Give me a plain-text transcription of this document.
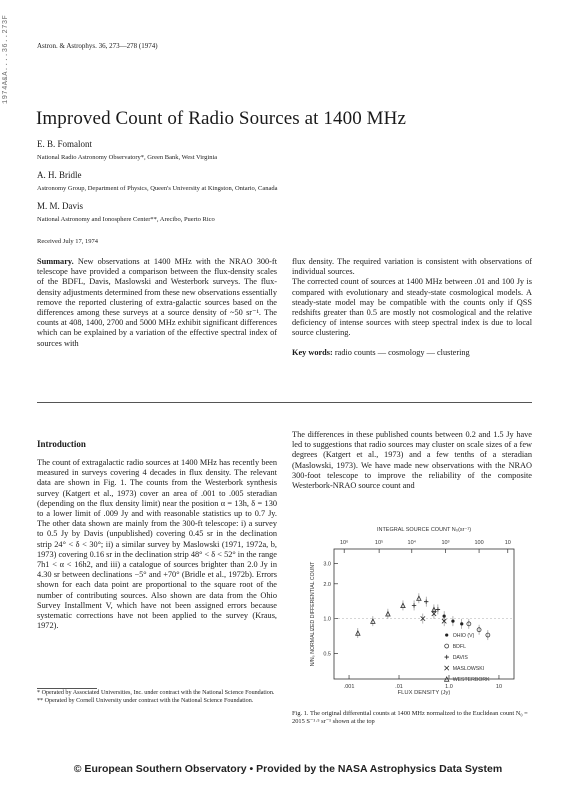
1974A&A....36..273F	Astron. & Astrophys. 36, 273—278 (1974)
Improved Count of Radio Sources at 1400 MHz
E. B. Fomalont
National Radio Astronomy Observatory*, Green Bank, West Virginia
A. H. Bridle
Astronomy Group, Department of Physics, Queen's University at Kingston, Ontario, Canada
M. M. Davis
National Astronomy and Ionosphere Center**, Arecibo, Puerto Rico
Received July 17, 1974

Summary. New observations at 1400 MHz with the NRAO 300-ft telescope have provided a comparison between the flux-density scales of the BDFL, Davis, Maslowski and Westerbork surveys. The flux-density adjustments determined from these new observations essentially remove the reported clustering of extra-galactic sources based on the differences among these surveys at a source density of ~50 sr⁻¹. The counts at 408, 1400, 2700 and 5000 MHz exhibit significant differences which can be explained by a variation of the effective spectral index of sources with

flux density. The required variation is consistent with observations of individual sources.

The corrected count of sources at 1400 MHz between .01 and 100 Jy is compared with evolutionary and steady-state cosmological models. A steady-state model may be compatible with the counts only if QSS redshifts greater than 0.5 are mostly not cosmological and the relative deficiency of intense sources with steep spectral index is due to local source clustering.

Key words: radio counts — cosmology — clustering

Introduction

The count of extragalactic radio sources at 1400 MHz has recently been measured in surveys covering 4 decades in flux density. The relevant data are shown in Fig. 1. The counts from the Westerbork synthesis survey (Katgert et al., 1973) cover an area of .001 to .005 steradian (depending on the flux density limit) near the position α = 13h, δ = 130 to a lower limit of .009 Jy and with reasonable statistics up to 0.7 Jy. The other data shown are mainly from the 300-ft telescope: i) a survey to 0.5 Jy by Davis (unpublished) covering 0.45 sr in the declination strip 24° < δ < 30°; ii) a similar survey by Maslowski (1971, 1972a, b, 1973) covering 0.16 sr in the declination strip 48° < δ < 52° in the range 7h1 < α < 16h2, and iii) a catalogue of sources brighter than 2.0 Jy in 4.30 sr between declinations −5° and +70° (Bridle et al., 1972b). Errors shown for each data point are proportional to the square root of the number of contributing sources. Also shown are data from the Ohio Survey Installment V, which have not been assigned errors because systematic corrections have not been applied to the survey (Kraus, 1972).

* Operated by Associated Universities, Inc. under contract with the National Science Foundation.
** Operated by Cornell University under contract with the National Science Foundation.

The differences in these published counts between 0.2 and 1.5 Jy have led to suggestions that radio sources may cluster on scale sizes of a few degrees (Katgert et al., 1973) and a few tenths of a steradian (Maslowski, 1973). We have made new observations with the NRAO 300-foot telescope to improve the reliability of the composite Westerbork-NRAO source count and

INTEGRAL SOURCE COUNT N₀(sr⁻¹)
10⁶	10⁵	10⁴	10³	100	10
.001	.01	1.0	10
3.0
2.0
1.0
0.5
FLUX DENSITY (Jy)
N/N₀ NORMALIZED DIFFERENTIAL COUNT	OHIO (V)
BDFL
DAVIS
MASLOWSKI
WESTERBORK
Fig. 1. The original differential counts at 1400 MHz normalized to the Euclidean count N₀ = 2015 S⁻¹·⁵ sr⁻¹ shown at the top
© European Southern Observatory • Provided by the NASA Astrophysics Data System
